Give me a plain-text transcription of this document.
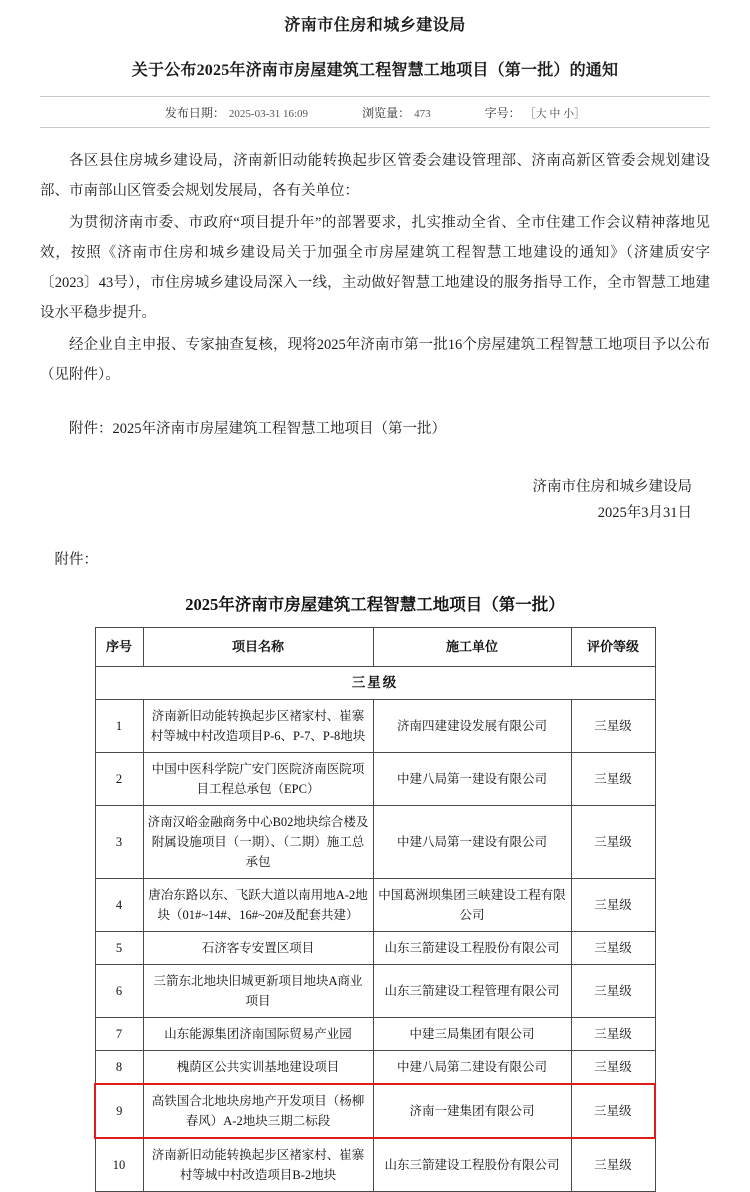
济南市住房和城乡建设局
关于公布2025年济南市房屋建筑工程智慧工地项目（第一批）的通知
发布日期： 2025-03-31 16:09	浏览量： 473	字号： ［大 中 小］

各区县住房城乡建设局，济南新旧动能转换起步区管委会建设管理部、济南高新区管委会规划建设部、市南部山区管委会规划发展局，各有关单位：

为贯彻济南市委、市政府“项目提升年”的部署要求，扎实推动全省、全市住建工作会议精神落地见效，按照《济南市住房和城乡建设局关于加强全市房屋建筑工程智慧工地建设的通知》（济建质安字〔2023〕43号），市住房城乡建设局深入一线，主动做好智慧工地建设的服务指导工作，全市智慧工地建设水平稳步提升。

经企业自主申报、专家抽查复核，现将2025年济南市第一批16个房屋建筑工程智慧工地项目予以公布（见附件）。

附件：2025年济南市房屋建筑工程智慧工地项目（第一批）
济南市住房和城乡建设局
2025年3月31日
附件：
2025年济南市房屋建筑工程智慧工地项目（第一批）
序号	项目名称	施工单位	评价等级
三星级			
1	济南新旧动能转换起步区褚家村、崔寨村等城中村改造项目P-6、P-7、P-8地块	济南四建建设发展有限公司	三星级
2	中国中医科学院广安门医院济南医院项目工程总承包（EPC）	中建八局第一建设有限公司	三星级
3	济南汉峪金融商务中心B02地块综合楼及附属设施项目（一期）、（二期）施工总承包	中建八局第一建设有限公司	三星级
4	唐冶东路以东、飞跃大道以南用地A-2地块（01#~14#、16#~20#及配套共建）	中国葛洲坝集团三峡建设工程有限公司	三星级
5	石济客专安置区项目	山东三箭建设工程股份有限公司	三星级
6	三箭东北地块旧城更新项目地块A商业项目	山东三箭建设工程管理有限公司	三星级
7	山东能源集团济南国际贸易产业园	中建三局集团有限公司	三星级
8	槐荫区公共实训基地建设项目	中建八局第二建设有限公司	三星级
9	高铁国合北地块房地产开发项目（杨柳春风）A-2地块三期二标段	济南一建集团有限公司	三星级
10	济南新旧动能转换起步区褚家村、崔寨村等城中村改造项目B-2地块	山东三箭建设工程股份有限公司	三星级
